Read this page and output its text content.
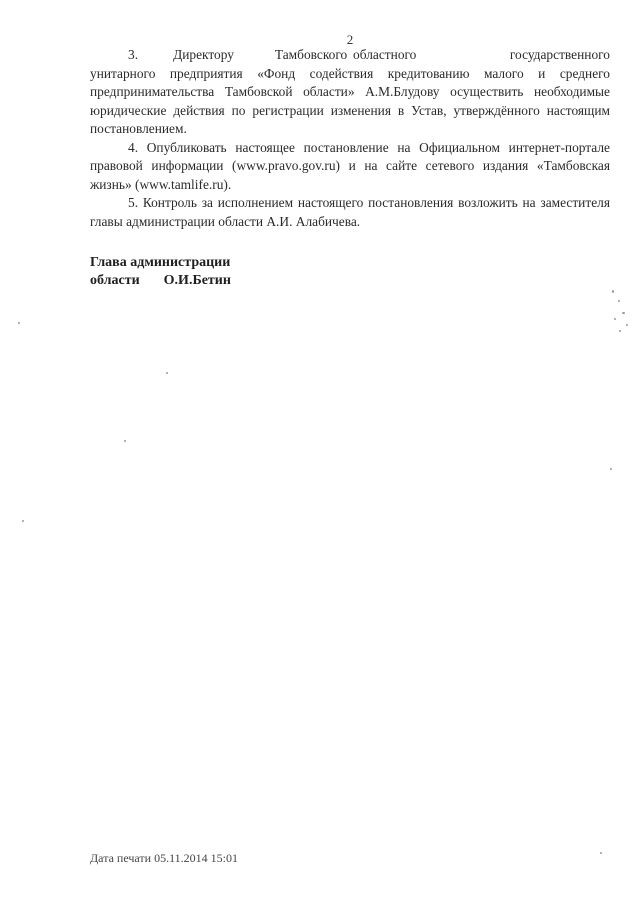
2

3.      Директору       Тамбовского областного                государственного унитарного предприятия «Фонд содействия кредитованию малого и среднего предпринимательства Тамбовской области» А.М.Блудову осуществить необходимые юридические действия по регистрации изменения в Устав, утверждённого настоящим постановлением.

4. Опубликовать настоящее постановление на Официальном интернет-портале правовой информации (www.pravo.gov.ru) и на сайте сетевого издания «Тамбовская жизнь» (www.tamlife.ru).

5. Контроль за исполнением настоящего постановления возложить на заместителя главы администрации области А.И. Алабичева.

Глава администрации
области О.И.Бетин
Дата печати 05.11.2014 15:01
